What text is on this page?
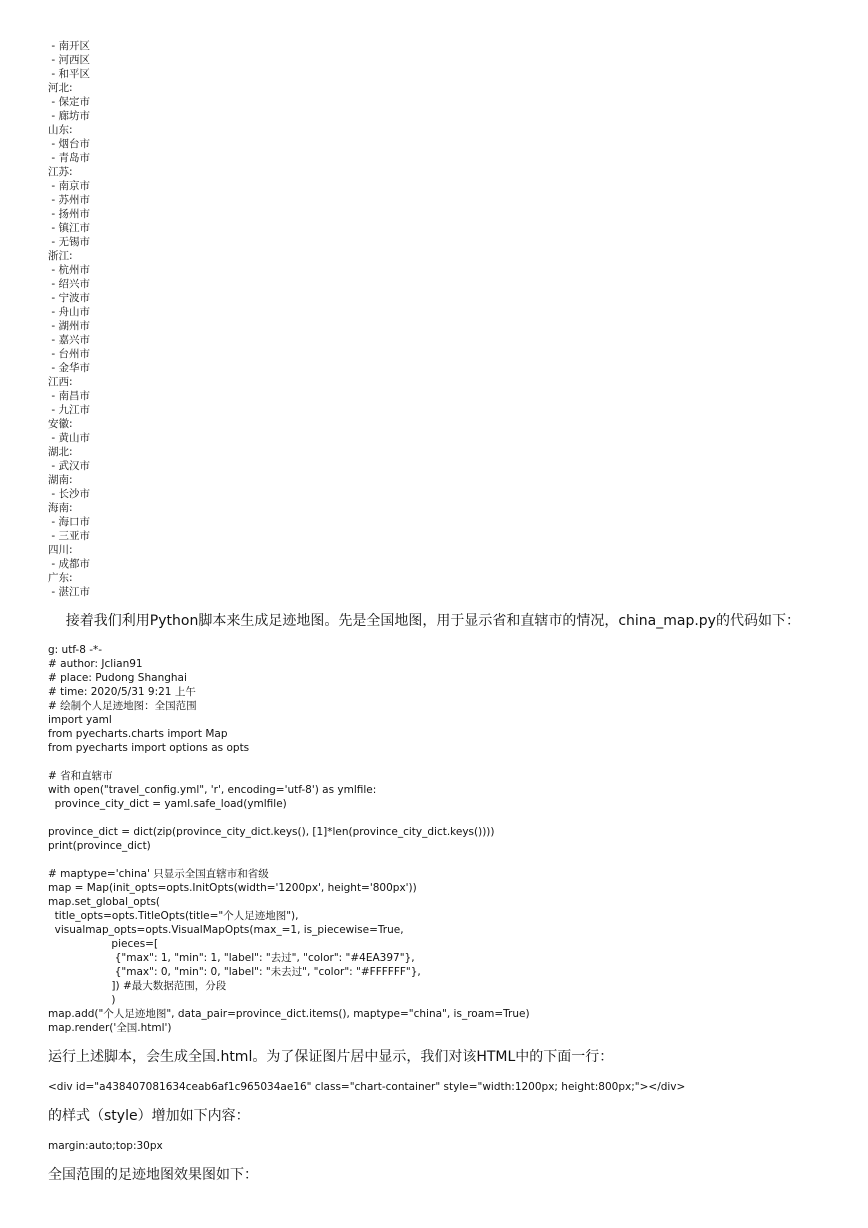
- 南开区
- 河西区
- 和平区
河北:
- 保定市
- 廊坊市
山东:
- 烟台市
- 青岛市
江苏:
- 南京市
- 苏州市
- 扬州市
- 镇江市
- 无锡市
浙江:
- 杭州市
- 绍兴市
- 宁波市
- 舟山市
- 湖州市
- 嘉兴市
- 台州市
- 金华市
江西:
- 南昌市
- 九江市
安徽:
- 黄山市
湖北:
- 武汉市
湖南:
- 长沙市
海南:
- 海口市
- 三亚市
四川:
- 成都市
广东:
- 湛江市
接着我们利用Python脚本来生成足迹地图。先是全国地图，用于显示省和直辖市的情况，china_map.py的代码如下：
g: utf-8 -*-
# author: Jclian91
# place: Pudong Shanghai
# time: 2020/5/31 9:21 上午
# 绘制个人足迹地图：全国范围
import yaml
from pyecharts.charts import Map
from pyecharts import options as opts
# 省和直辖市
with open("travel_config.yml", 'r', encoding='utf-8') as ymlfile:
province_city_dict = yaml.safe_load(ymlfile)
province_dict = dict(zip(province_city_dict.keys(), [1]*len(province_city_dict.keys())))
print(province_dict)
# maptype='china' 只显示全国直辖市和省级
map = Map(init_opts=opts.InitOpts(width='1200px', height='800px'))
map.set_global_opts(
title_opts=opts.TitleOpts(title="个人足迹地图"),
visualmap_opts=opts.VisualMapOpts(max_=1, is_piecewise=True,
pieces=[
{"max": 1, "min": 1, "label": "去过", "color": "#4EA397"},
{"max": 0, "min": 0, "label": "未去过", "color": "#FFFFFF"},
]) #最大数据范围，分段
)
map.add("个人足迹地图", data_pair=province_dict.items(), maptype="china", is_roam=True)
map.render('全国.html')
运行上述脚本，会生成全国.html。为了保证图片居中显示，我们对该HTML中的下面一行：
<div id="a438407081634ceab6af1c965034ae16" class="chart-container" style="width:1200px; height:800px;"></div>
的样式（style）增加如下内容：
margin:auto;top:30px
全国范围的足迹地图效果图如下：
